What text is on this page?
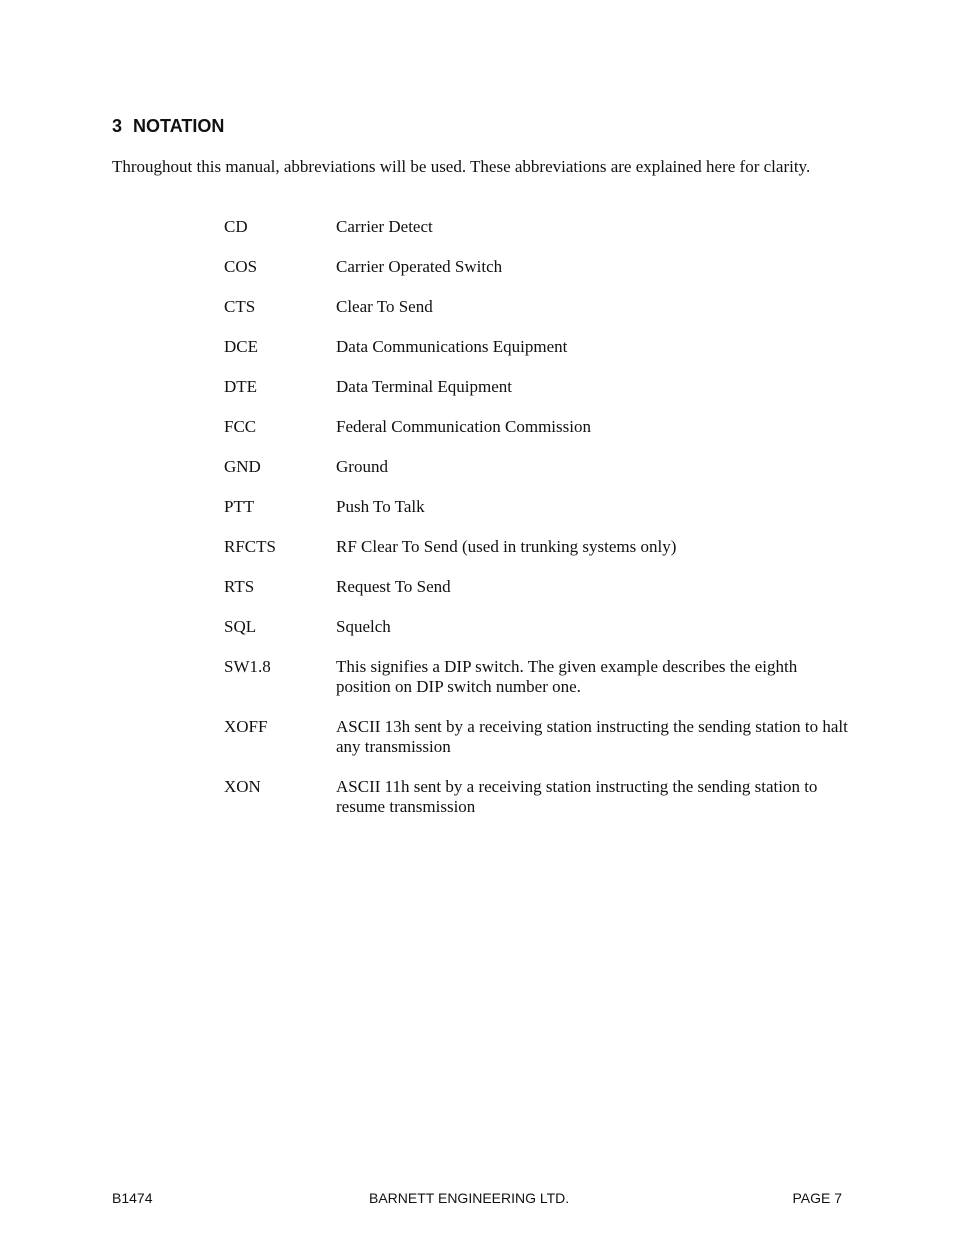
3 NOTATION

Throughout this manual, abbreviations will be used. These abbreviations are explained here for clarity.

CD	Carrier Detect
COS	Carrier Operated Switch
CTS	Clear To Send
DCE	Data Communications Equipment
DTE	Data Terminal Equipment
FCC	Federal Communication Commission
GND	Ground
PTT	Push To Talk
RFCTS	RF Clear To Send (used in trunking systems only)
RTS	Request To Send
SQL	Squelch
SW1.8	This signifies a DIP switch. The given example describes the eighth position on DIP switch number one.
XOFF	ASCII 13h sent by a receiving station instructing the sending station to halt any transmission
XON	ASCII 11h sent by a receiving station instructing the sending station to resume transmission
B1474	BARNETT ENGINEERING LTD.	PAGE 7
